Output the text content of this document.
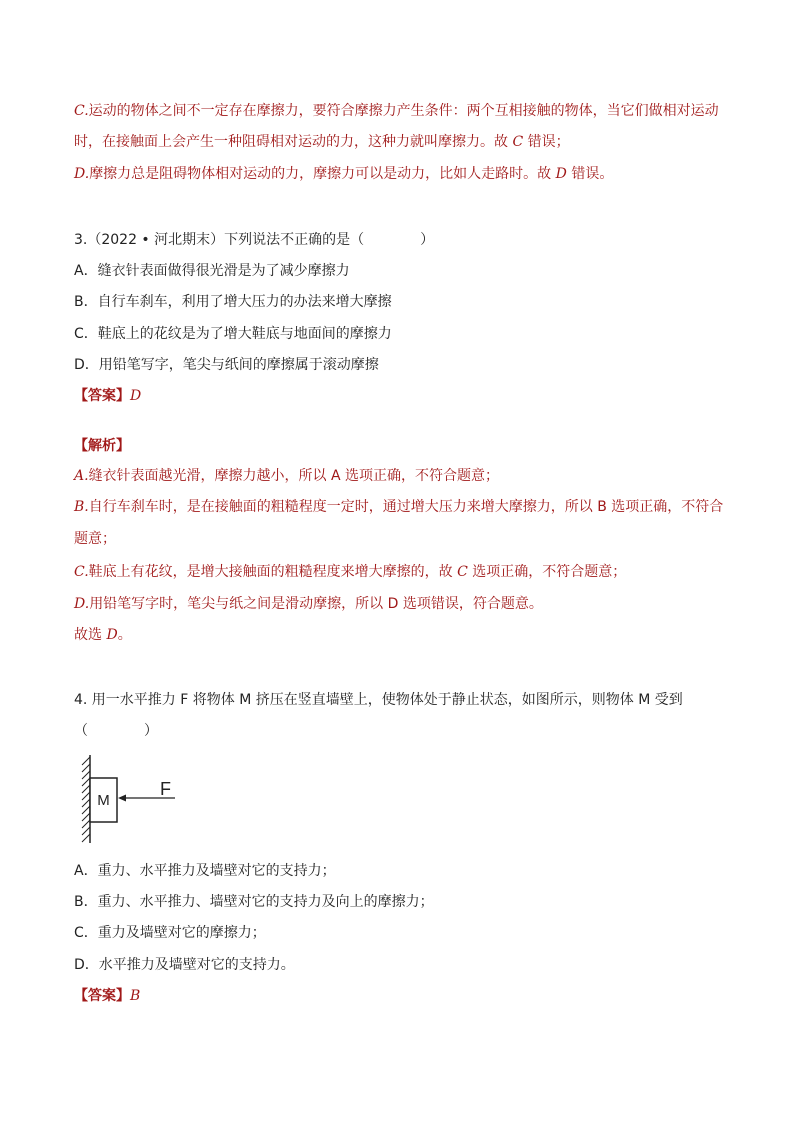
C.运动的物体之间不一定存在摩擦力，要符合摩擦力产生条件：两个互相接触的物体，当它们做相对运动
时，在接触面上会产生一种阻碍相对运动的力，这种力就叫摩擦力。故 C 错误；
D.摩擦力总是阻碍物体相对运动的力，摩擦力可以是动力，比如人走路时。故 D 错误。
3.（2022 • 河北期末）下列说法不正确的是（　　　　）
A．缝衣针表面做得很光滑是为了减少摩擦力
B．自行车刹车，利用了增大压力的办法来增大摩擦
C．鞋底上的花纹是为了增大鞋底与地面间的摩擦力
D．用铅笔写字，笔尖与纸间的摩擦属于滚动摩擦
【答案】D
【解析】
A.缝衣针表面越光滑，摩擦力越小，所以 A 选项正确，不符合题意；
B.自行车刹车时，是在接触面的粗糙程度一定时，通过增大压力来增大摩擦力，所以 B 选项正确，不符合
题意；
C.鞋底上有花纹，是增大接触面的粗糙程度来增大摩擦的，故 C 选项正确，不符合题意；
D.用铅笔写字时，笔尖与纸之间是滑动摩擦，所以 D 选项错误，符合题意。
故选 D。
4. 用一水平推力 F 将物体 M 挤压在竖直墙壁上，使物体处于静止状态，如图所示，则物体 M 受到
（　　　　）
M
F
A．重力、水平推力及墙壁对它的支持力；
B．重力、水平推力、墙壁对它的支持力及向上的摩擦力；
C．重力及墙壁对它的摩擦力；
D．水平推力及墙壁对它的支持力。
【答案】B
